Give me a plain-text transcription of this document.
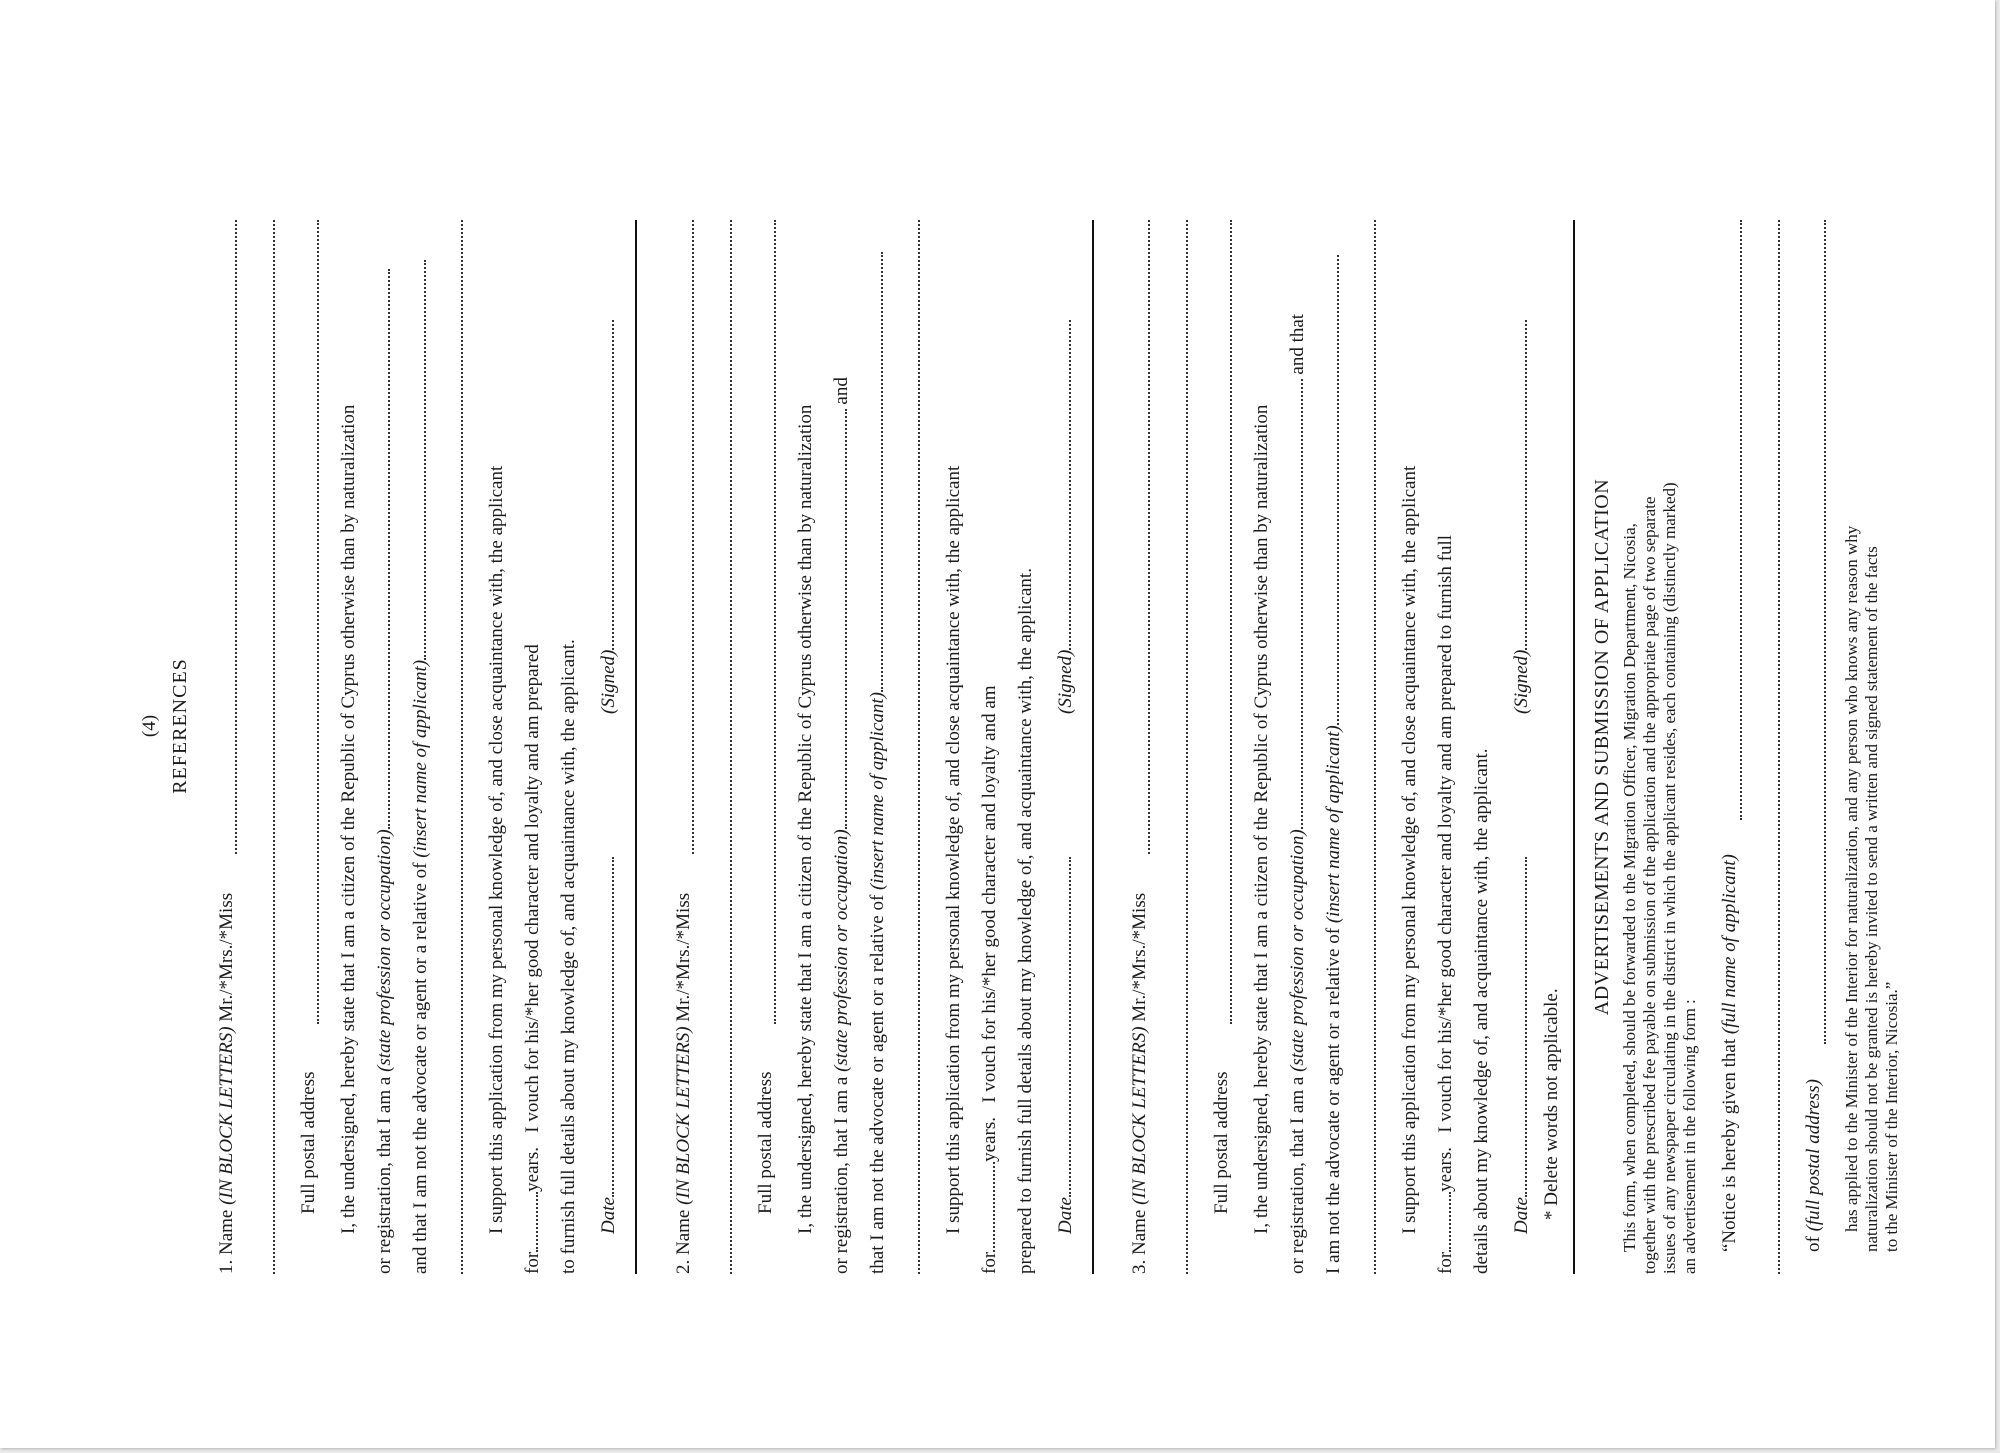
(4) REFERENCES
1. Name (IN BLOCK LETTERS) Mr./*Mrs./*Miss
Full postal address I, the undersigned, hereby state that I am a citizen of the Republic of Cyprus otherwise than by naturalization or registration, that I am a (state profession or occupation) and that I am not the advocate or agent or a relative of (insert name of applicant)	I support this application from my personal knowledge of, and close acquaintance with, the applicant
foryears.   I vouch for his/*her good character and loyalty and am prepared to furnish full details about my knowledge of, and acquaintance with, the applicant. Date
(Signed)
2. Name (IN BLOCK LETTERS) Mr./*Mrs./*Miss
Full postal address I, the undersigned, hereby state that I am a citizen of the Republic of Cyprus otherwise than by naturalization or registration, that I am a (state profession or occupation) and
that I am not the advocate or agent or a relative of (insert name of applicant)	I support this application from my personal knowledge of, and close acquaintance with, the applicant
foryears.   I vouch for his/*her good character and loyalty and am prepared to furnish full details about my knowledge of, and acquaintance with, the applicant. Date
(Signed)
3. Name (IN BLOCK LETTERS) Mr./*Mrs./*Miss
Full postal address I, the undersigned, hereby state that I am a citizen of the Republic of Cyprus otherwise than by naturalization or registration, that I am a (state profession or occupation) and that
I am not the advocate or agent or a relative of (insert name of applicant)	I support this application from my personal knowledge of, and close acquaintance with, the applicant
foryears.   I vouch for his/*her good character and loyalty and am prepared to furnish full details about my knowledge of, and acquaintance with, the applicant. Date
(Signed)
* Delete words not applicable.
ADVERTISEMENTS AND SUBMISSION OF APPLICATION This form, when completed, should be forwarded to the Migration Officer, Migration Department, Nicosia, together with the prescribed fee payable on submission of the application and the appropriate page of two separate issues of any newspaper circulating in the district in which the applicant resides, each containing (distinctly marked) an advertisement in the following form : “Notice is hereby given that (full name of applicant)
of (full postal address) has applied to the Minister of the Interior for naturalization, and any person who knows any reason why naturalization should not be granted is hereby invited to send a written and signed statement of the facts to the Minister of the Interior, Nicosia.”
